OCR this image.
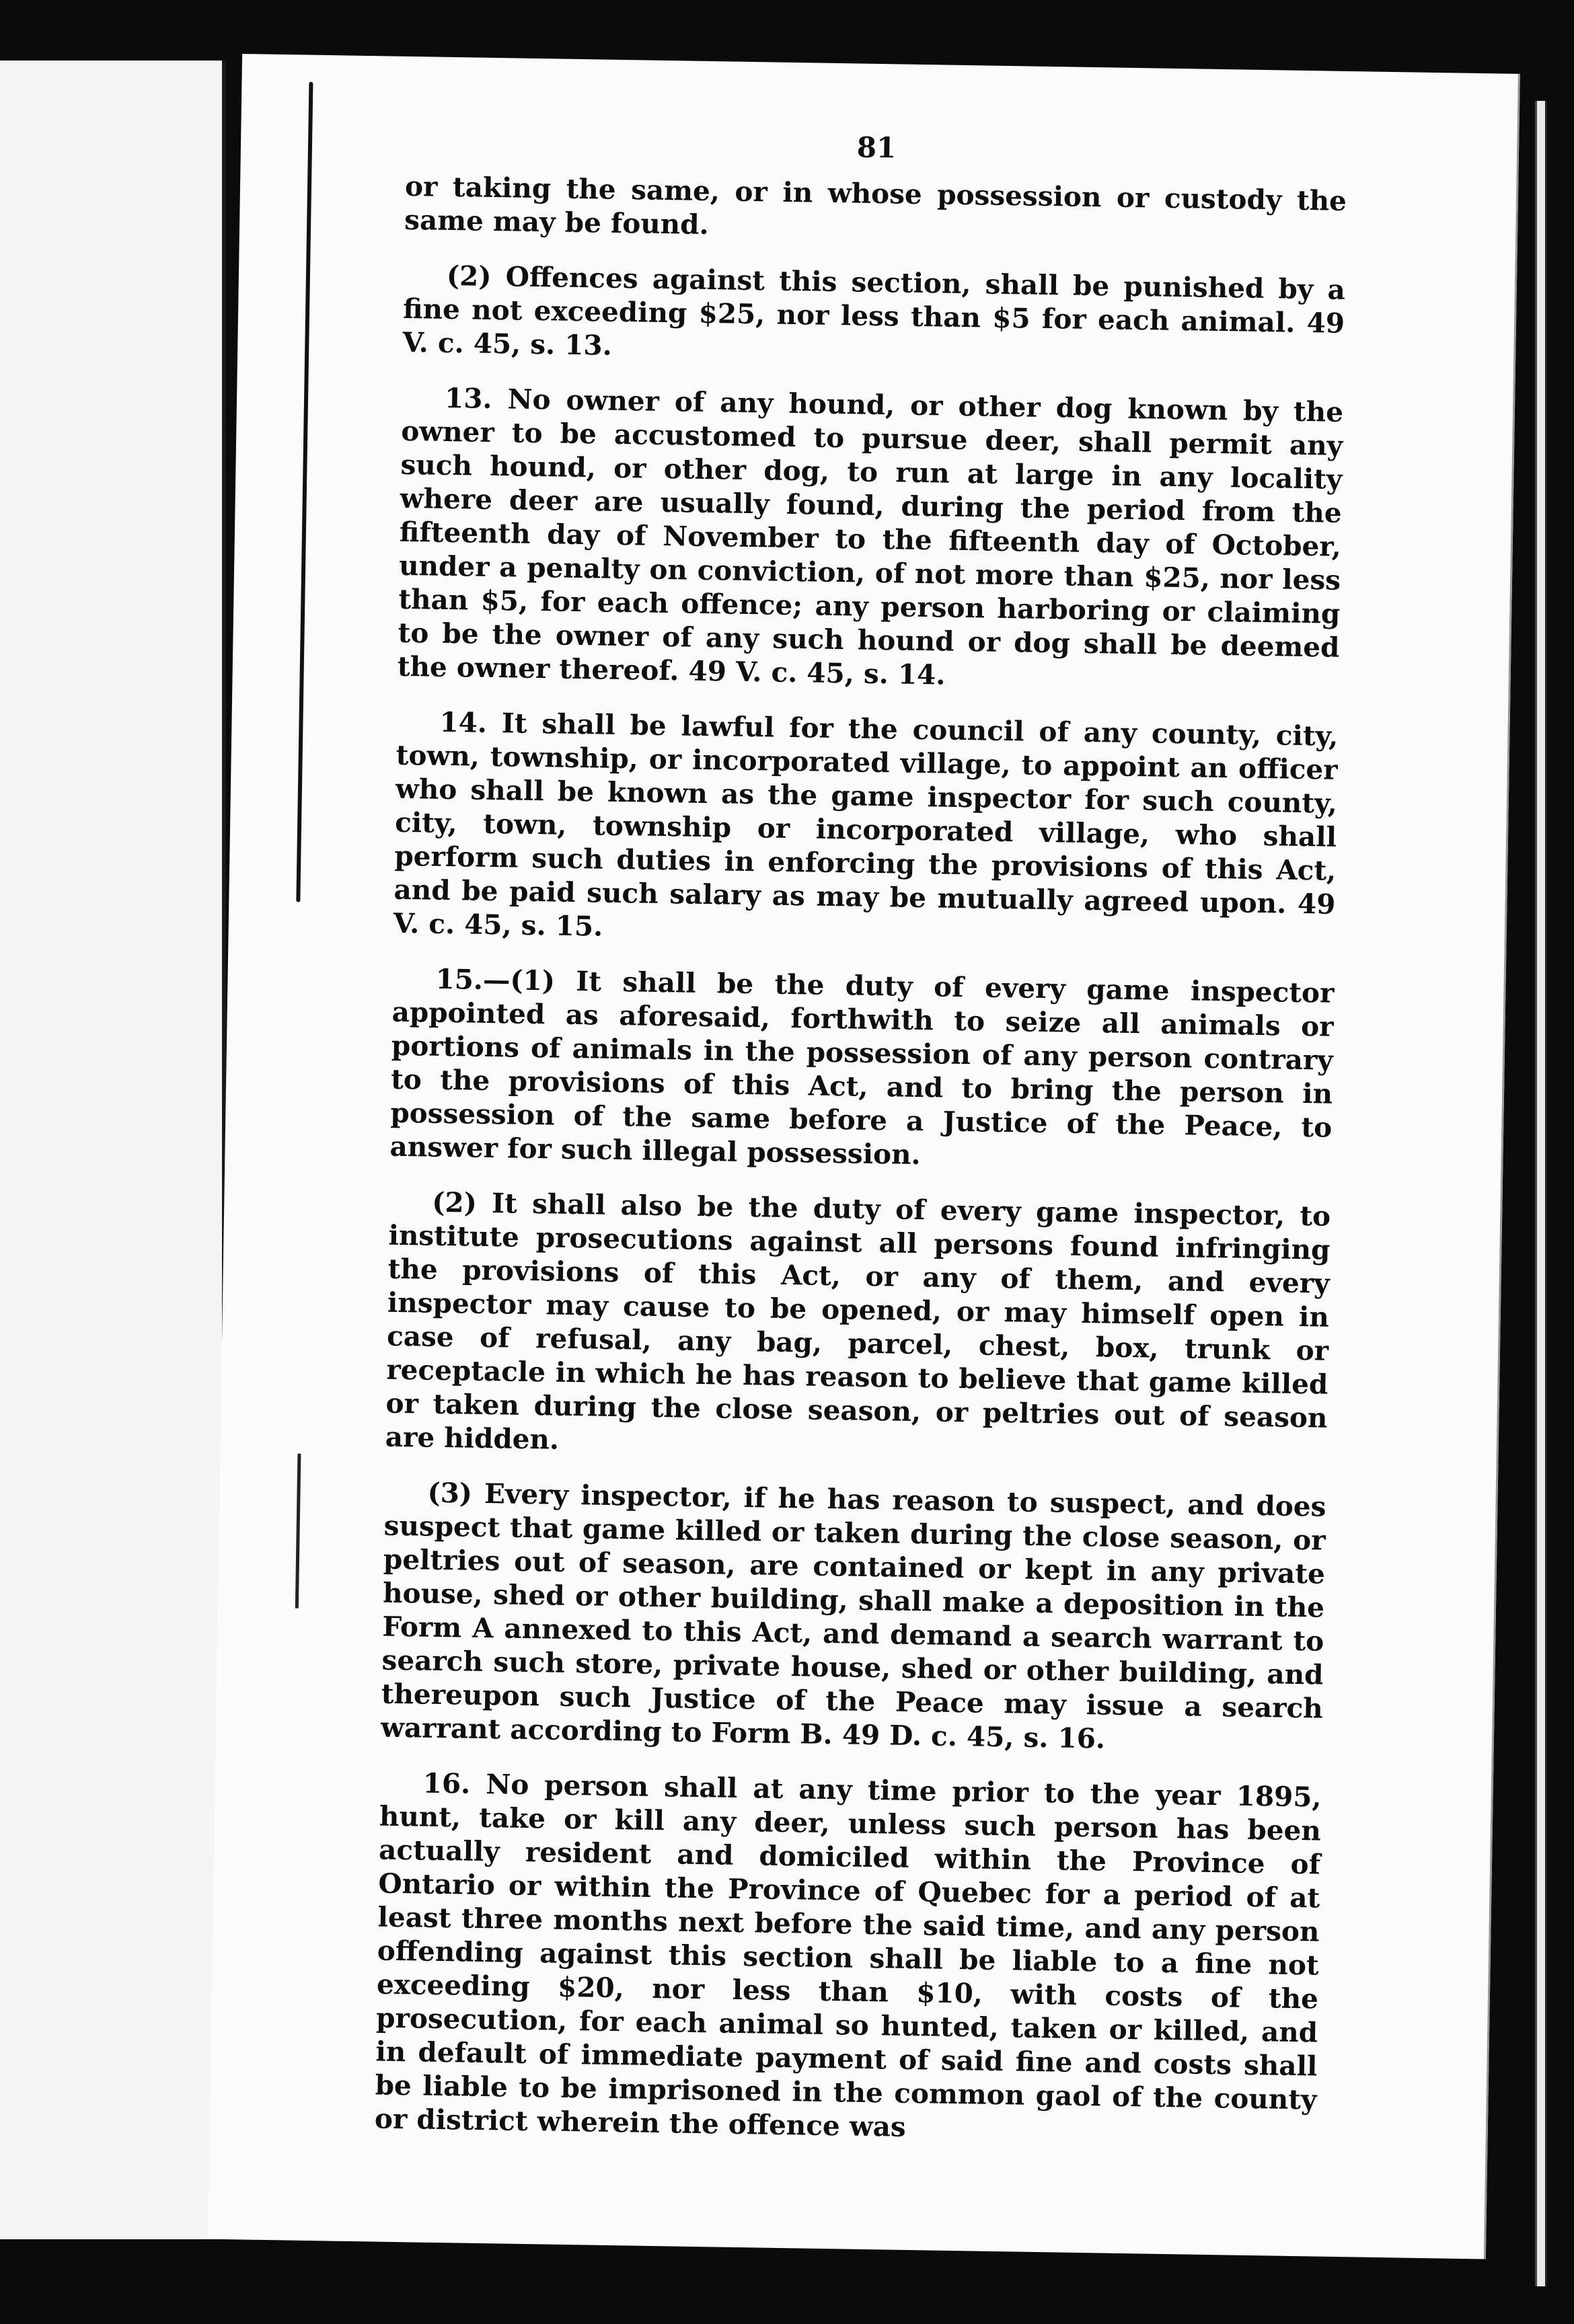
81

or taking the same, or in whose possession or custody the same may be found.

(2) Offences against this section, shall be punished by a fine not exceeding $25, nor less than $5 for each animal. 49 V. c. 45, s. 13.

13. No owner of any hound, or other dog known by the owner to be accustomed to pursue deer, shall permit any such hound, or other dog, to run at large in any locality where deer are usually found, during the period from the fifteenth day of November to the fifteenth day of October, under a penalty on conviction, of not more than $25, nor less than $5, for each offence; any person harboring or claiming to be the owner of any such hound or dog shall be deemed the owner thereof. 49 V. c. 45, s. 14.

14. It shall be lawful for the council of any county, city, town, township, or incorporated village, to appoint an officer who shall be known as the game inspector for such county, city, town, township or incorporated village, who shall perform such duties in enforcing the provisions of this Act, and be paid such salary as may be mutually agreed upon. 49 V. c. 45, s. 15.

15.—(1) It shall be the duty of every game inspector appointed as aforesaid, forthwith to seize all animals or portions of animals in the possession of any person contrary to the provisions of this Act, and to bring the person in possession of the same before a Justice of the Peace, to answer for such illegal possession.

(2) It shall also be the duty of every game inspector, to institute prosecutions against all persons found infringing the provisions of this Act, or any of them, and every inspector may cause to be opened, or may himself open in case of refusal, any bag, parcel, chest, box, trunk or receptacle in which he has reason to believe that game killed or taken during the close season, or peltries out of season are hidden.

(3) Every inspector, if he has reason to suspect, and does suspect that game killed or taken during the close season, or peltries out of season, are contained or kept in any private house, shed or other building, shall make a deposition in the Form A annexed to this Act, and demand a search warrant to search such store, private house, shed or other building, and thereupon such Justice of the Peace may issue a search warrant according to Form B. 49 D. c. 45, s. 16.

16. No person shall at any time prior to the year 1895, hunt, take or kill any deer, unless such person has been actually resident and domiciled within the Province of Ontario or within the Province of Quebec for a period of at least three months next before the said time, and any person offending against this section shall be liable to a fine not exceeding $20, nor less than $10, with costs of the prosecution, for each animal so hunted, taken or killed, and in default of immediate payment of said fine and costs shall be liable to be imprisoned in the common gaol of the county or district wherein the offence was
